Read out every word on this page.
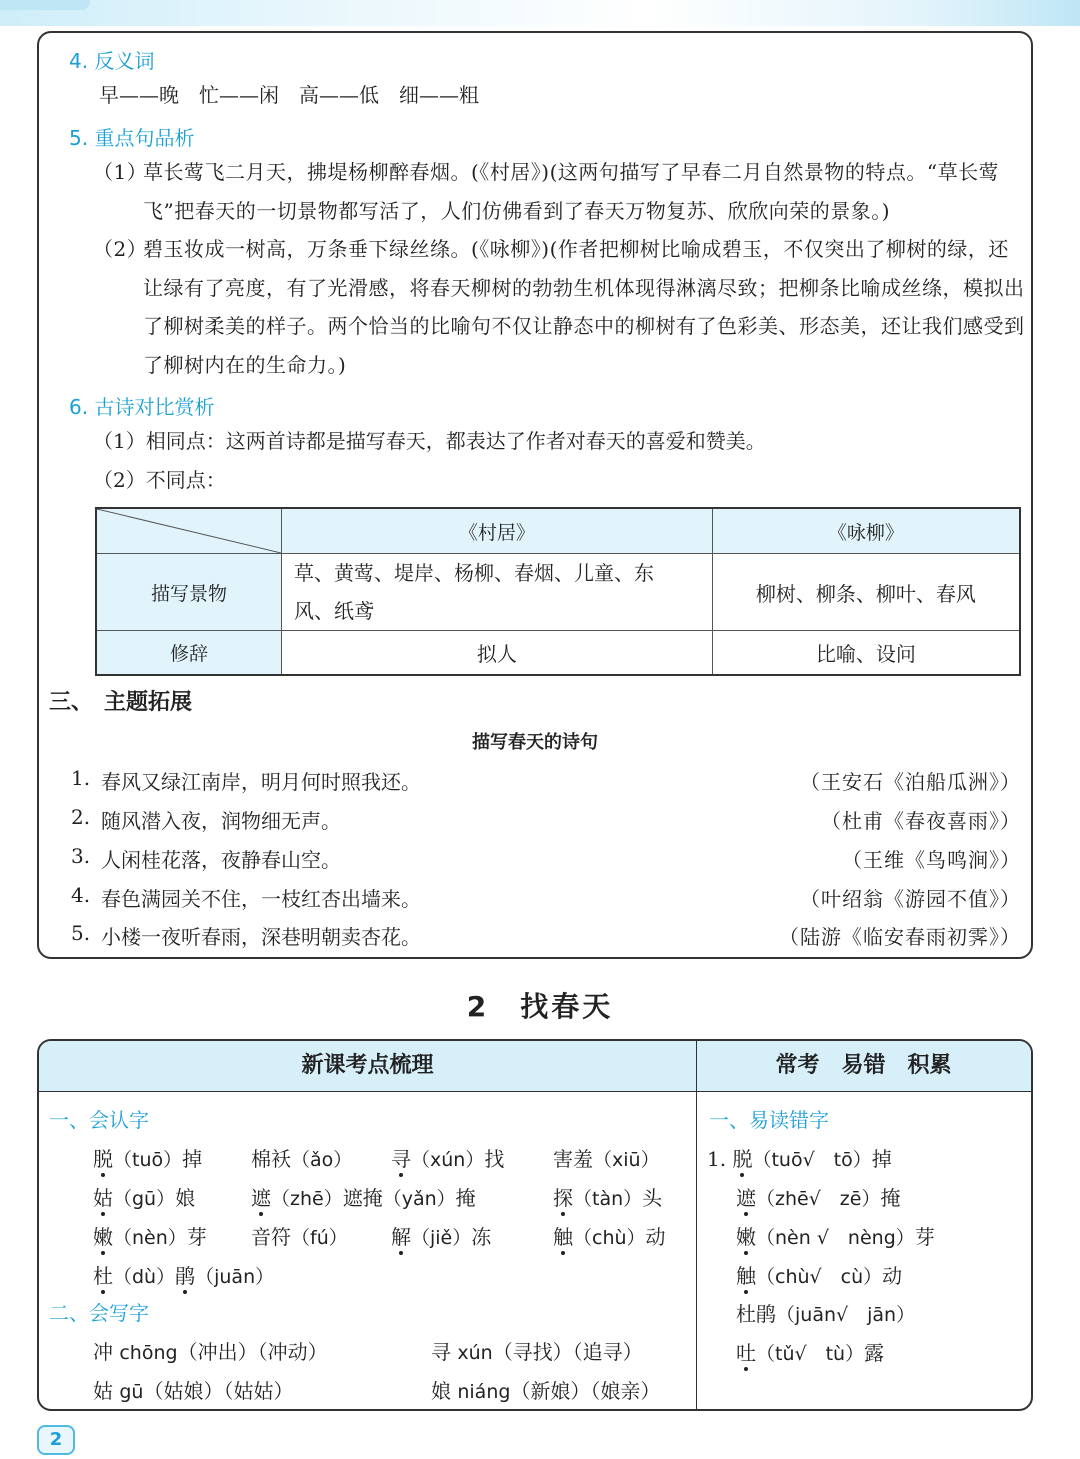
4. 反义词
早——晚　忙——闲　高——低　细——粗
5. 重点句品析
（1）
草长莺飞二月天，拂堤杨柳醉春烟。(《村居》)(这两句描写了早春二月自然景物的特点。“草长莺飞”把春天的一切景物都写活了，人们仿佛看到了春天万物复苏、欣欣向荣的景象。)
（2）
碧玉妆成一树高，万条垂下绿丝绦。(《咏柳》)(作者把柳树比喻成碧玉，不仅突出了柳树的绿，还让绿有了亮度，有了光滑感，将春天柳树的勃勃生机体现得淋漓尽致；把柳条比喻成丝绦，模拟出了柳树柔美的样子。两个恰当的比喻句不仅让静态中的柳树有了色彩美、形态美，还让我们感受到了柳树内在的生命力。)
6. 古诗对比赏析
（1）相同点：这两首诗都是描写春天，都表达了作者对春天的喜爱和赞美。
（2）不同点：
	《村居》	《咏柳》
描写景物	草、黄莺、堤岸、杨柳、春烟、儿童、东风、纸鸢	柳树、柳条、柳叶、春风
修辞	拟人	比喻、设问
三、　主题拓展
描写春天的诗句
1. 春风又绿江南岸，明月何时照我还。	（王安石《泊船瓜洲》）
2. 随风潜入夜，润物细无声。	（杜甫《春夜喜雨》）
3. 人闲桂花落，夜静春山空。	（王维《鸟鸣涧》）
4. 春色满园关不住，一枝红杏出墙来。	（叶绍翁《游园不值》）
5. 小楼一夜听春雨，深巷明朝卖杏花。	（陆游《临安春雨初霁》）
2 找春天
新课考点梳理	常考　易错　积累
一、会认字
脱（tuō）掉 棉袄（ǎo） 寻（xún）找 害羞（xiū）
姑（gū）娘	遮（zhē）遮掩（yǎn）掩	探（tàn）头
嫩（nèn）芽 音符（fú） 解（jiě）冻	触（chù）动
杜（dù）鹃（juān）
二、会写字
冲 chōng（冲出）（冲动）	寻 xún（寻找）（追寻）
姑 gū（姑娘）（姑姑）	娘 niáng（新娘）（娘亲）
一、易读错字
1. 脱（tuō√　tō）掉
遮（zhē√　zē）掩
嫩（nèn √　nèng）芽
触（chù√　cù）动
杜鹃（juān√　jān）
吐（tǔ√　tù）露
2
